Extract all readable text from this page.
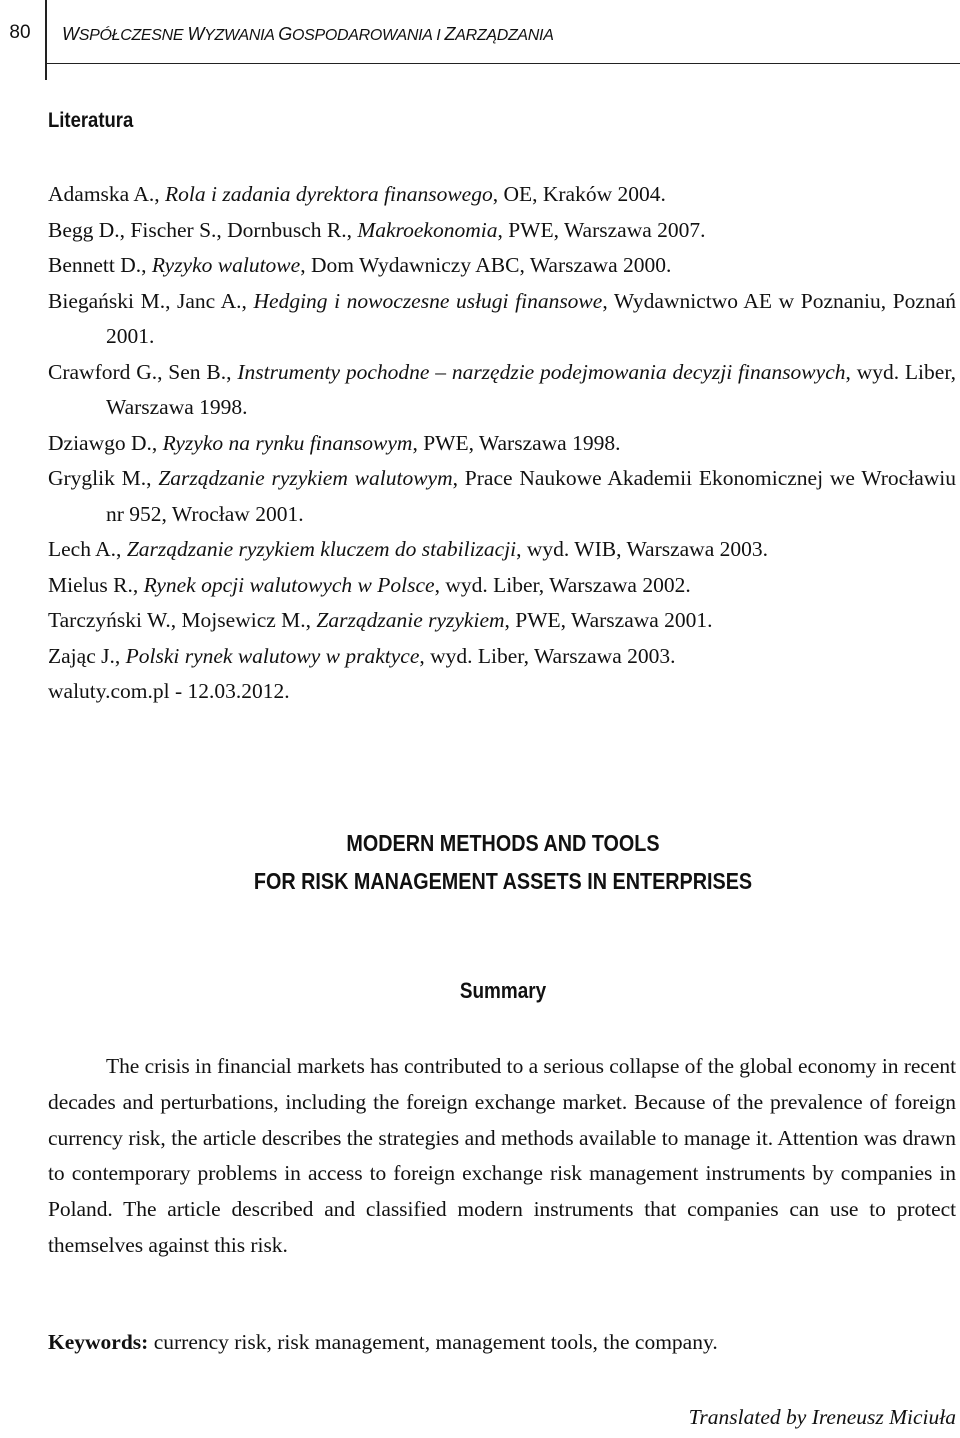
80	WSPÓŁCZESNE WYZWANIA GOSPODAROWANIA I ZARZĄDZANIA
Literatura
Adamska A., Rola i zadania dyrektora finansowego, OE, Kraków 2004.
Begg D., Fischer S., Dornbusch R., Makroekonomia, PWE, Warszawa 2007.
Bennett D., Ryzyko walutowe, Dom Wydawniczy ABC, Warszawa 2000.
Biegański M., Janc A., Hedging i nowoczesne usługi finansowe, Wydawnictwo AE w Poznaniu, Poznań 2001.
Crawford G., Sen B., Instrumenty pochodne – narzędzie podejmowania decyzji finansowych, wyd. Liber, Warszawa 1998.
Dziawgo D., Ryzyko na rynku finansowym, PWE, Warszawa 1998.
Gryglik M., Zarządzanie ryzykiem walutowym, Prace Naukowe Akademii Ekonomicznej we Wrocławiu nr 952, Wrocław 2001.
Lech A., Zarządzanie ryzykiem kluczem do stabilizacji, wyd. WIB, Warszawa 2003.
Mielus R., Rynek opcji walutowych w Polsce, wyd. Liber, Warszawa 2002.
Tarczyński W., Mojsewicz M., Zarządzanie ryzykiem, PWE, Warszawa 2001.
Zając J., Polski rynek walutowy w praktyce, wyd. Liber, Warszawa 2003.
waluty.com.pl - 12.03.2012.
MODERN METHODS AND TOOLS
FOR RISK MANAGEMENT ASSETS IN ENTERPRISES
Summary

The crisis in financial markets has contributed to a serious collapse of the global economy in recent decades and perturbations, including the foreign exchange market. Because of the prevalence of foreign currency risk, the article describes the strategies and methods available to manage it. Attention was drawn to contemporary problems in access to foreign exchange risk management instruments by companies in Poland. The article described and classified modern instruments that companies can use to protect themselves against this risk.

Keywords: currency risk, risk management, management tools, the company.

Translated by Ireneusz Miciuła
